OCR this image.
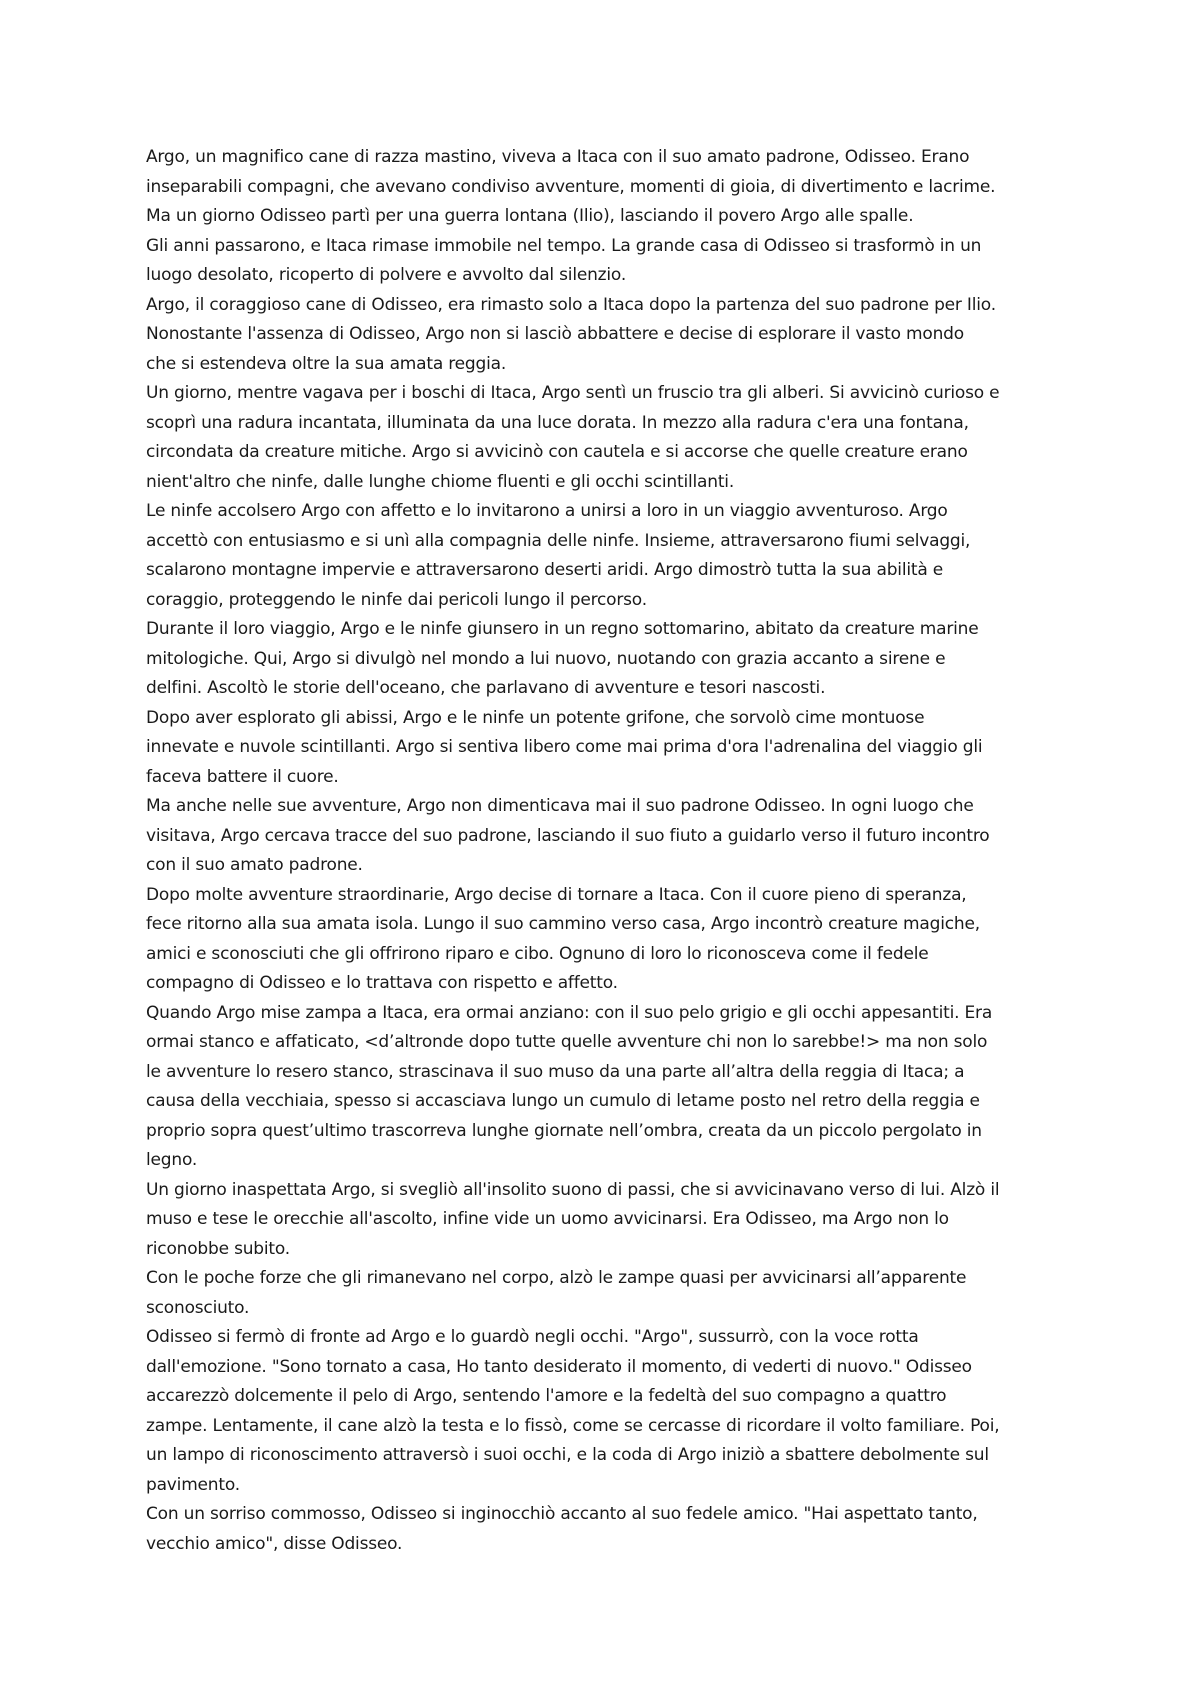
Argo, un magnifico cane di razza mastino, viveva a Itaca con il suo amato padrone, Odisseo. Erano
inseparabili compagni, che avevano condiviso avventure, momenti di gioia, di divertimento e lacrime.
Ma un giorno Odisseo partì per una guerra lontana (Ilio), lasciando il povero Argo alle spalle.
Gli anni passarono, e Itaca rimase immobile nel tempo. La grande casa di Odisseo si trasformò in un
luogo desolato, ricoperto di polvere e avvolto dal silenzio.
Argo, il coraggioso cane di Odisseo, era rimasto solo a Itaca dopo la partenza del suo padrone per Ilio.
Nonostante l'assenza di Odisseo, Argo non si lasciò abbattere e decise di esplorare il vasto mondo
che si estendeva oltre la sua amata reggia.
Un giorno, mentre vagava per i boschi di Itaca, Argo sentì un fruscio tra gli alberi. Si avvicinò curioso e
scoprì una radura incantata, illuminata da una luce dorata. In mezzo alla radura c'era una fontana,
circondata da creature mitiche. Argo si avvicinò con cautela e si accorse che quelle creature erano
nient'altro che ninfe, dalle lunghe chiome fluenti e gli occhi scintillanti.
Le ninfe accolsero Argo con affetto e lo invitarono a unirsi a loro in un viaggio avventuroso. Argo
accettò con entusiasmo e si unì alla compagnia delle ninfe. Insieme, attraversarono fiumi selvaggi,
scalarono montagne impervie e attraversarono deserti aridi. Argo dimostrò tutta la sua abilità e
coraggio, proteggendo le ninfe dai pericoli lungo il percorso.
Durante il loro viaggio, Argo e le ninfe giunsero in un regno sottomarino, abitato da creature marine
mitologiche. Qui, Argo si divulgò nel mondo a lui nuovo, nuotando con grazia accanto a sirene e
delfini. Ascoltò le storie dell'oceano, che parlavano di avventure e tesori nascosti.
Dopo aver esplorato gli abissi, Argo e le ninfe un potente grifone, che sorvolò cime montuose
innevate e nuvole scintillanti. Argo si sentiva libero come mai prima d'ora l'adrenalina del viaggio gli
faceva battere il cuore.
Ma anche nelle sue avventure, Argo non dimenticava mai il suo padrone Odisseo. In ogni luogo che
visitava, Argo cercava tracce del suo padrone, lasciando il suo fiuto a guidarlo verso il futuro incontro
con il suo amato padrone.
Dopo molte avventure straordinarie, Argo decise di tornare a Itaca. Con il cuore pieno di speranza,
fece ritorno alla sua amata isola. Lungo il suo cammino verso casa, Argo incontrò creature magiche,
amici e sconosciuti che gli offrirono riparo e cibo. Ognuno di loro lo riconosceva come il fedele
compagno di Odisseo e lo trattava con rispetto e affetto.
Quando Argo mise zampa a Itaca, era ormai anziano: con il suo pelo grigio e gli occhi appesantiti. Era
ormai stanco e affaticato, <d’altronde dopo tutte quelle avventure chi non lo sarebbe!> ma non solo
le avventure lo resero stanco, strascinava il suo muso da una parte all’altra della reggia di Itaca; a
causa della vecchiaia, spesso si accasciava lungo un cumulo di letame posto nel retro della reggia e
proprio sopra quest’ultimo trascorreva lunghe giornate nell’ombra, creata da un piccolo pergolato in
legno.
Un giorno inaspettata Argo, si svegliò all'insolito suono di passi, che si avvicinavano verso di lui. Alzò il
muso e tese le orecchie all'ascolto, infine vide un uomo avvicinarsi. Era Odisseo, ma Argo non lo
riconobbe subito.
Con le poche forze che gli rimanevano nel corpo, alzò le zampe quasi per avvicinarsi all’apparente
sconosciuto.
Odisseo si fermò di fronte ad Argo e lo guardò negli occhi. "Argo", sussurrò, con la voce rotta
dall'emozione. "Sono tornato a casa, Ho tanto desiderato il momento, di vederti di nuovo." Odisseo
accarezzò dolcemente il pelo di Argo, sentendo l'amore e la fedeltà del suo compagno a quattro
zampe. Lentamente, il cane alzò la testa e lo fissò, come se cercasse di ricordare il volto familiare. Poi,
un lampo di riconoscimento attraversò i suoi occhi, e la coda di Argo iniziò a sbattere debolmente sul
pavimento.
Con un sorriso commosso, Odisseo si inginocchiò accanto al suo fedele amico. "Hai aspettato tanto,
vecchio amico", disse Odisseo.
